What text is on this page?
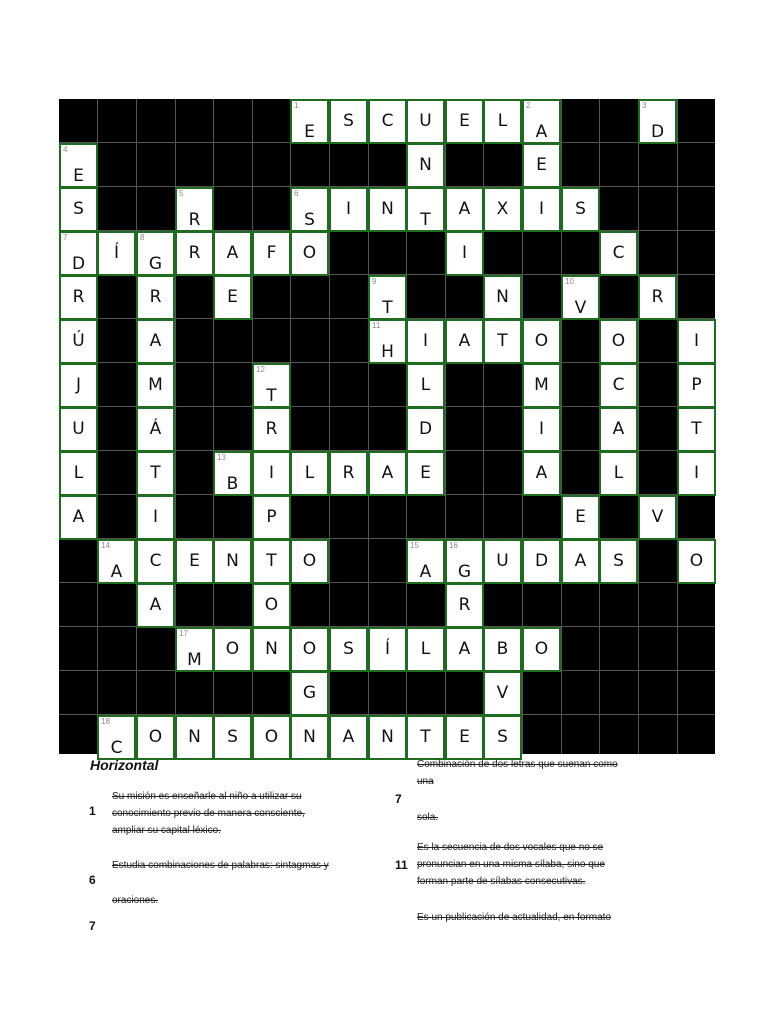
1
E
S	C	U	E	L
2
A
3
D
4
E
N	E
S
5
R
6
S
I	N
T
A	X	I	S
7
D
Í
8
G
R	A	F	O	I	C
R	R	E
9
T
N
10
V
R
Ú	A
11
H
I	A	T	O	O	I
J	M
12
T
L	M	C	P
U	Á	R	D	I	A	T
L	T
13
B
I	L	R	A	E	A	L	I
A	I	P	E	V
14
A
C	E	N	T	O
15
A
16
G
U	D	A	S	O
A	O	R
17
M
O	N	O	S	Í	L	A	B	O
G	V
18
C
O	N	S	O	N	A	N	T	E	S
Horizontal
1
Su misión es enseñarle al niño a utilizar su
conocimiento previo de manera consciente,
ampliar su capital léxico.
6
Estudia combinaciones de palabras: sintagmas y
oraciones.
7
Combinación de dos letras que suenan como
una
7
sola.
Es la secuencia de dos vocales que no se
11 pronuncian en una misma sílaba, sino que
forman parte de sílabas consecutivas.
Es un publicación de actualidad, en formato
